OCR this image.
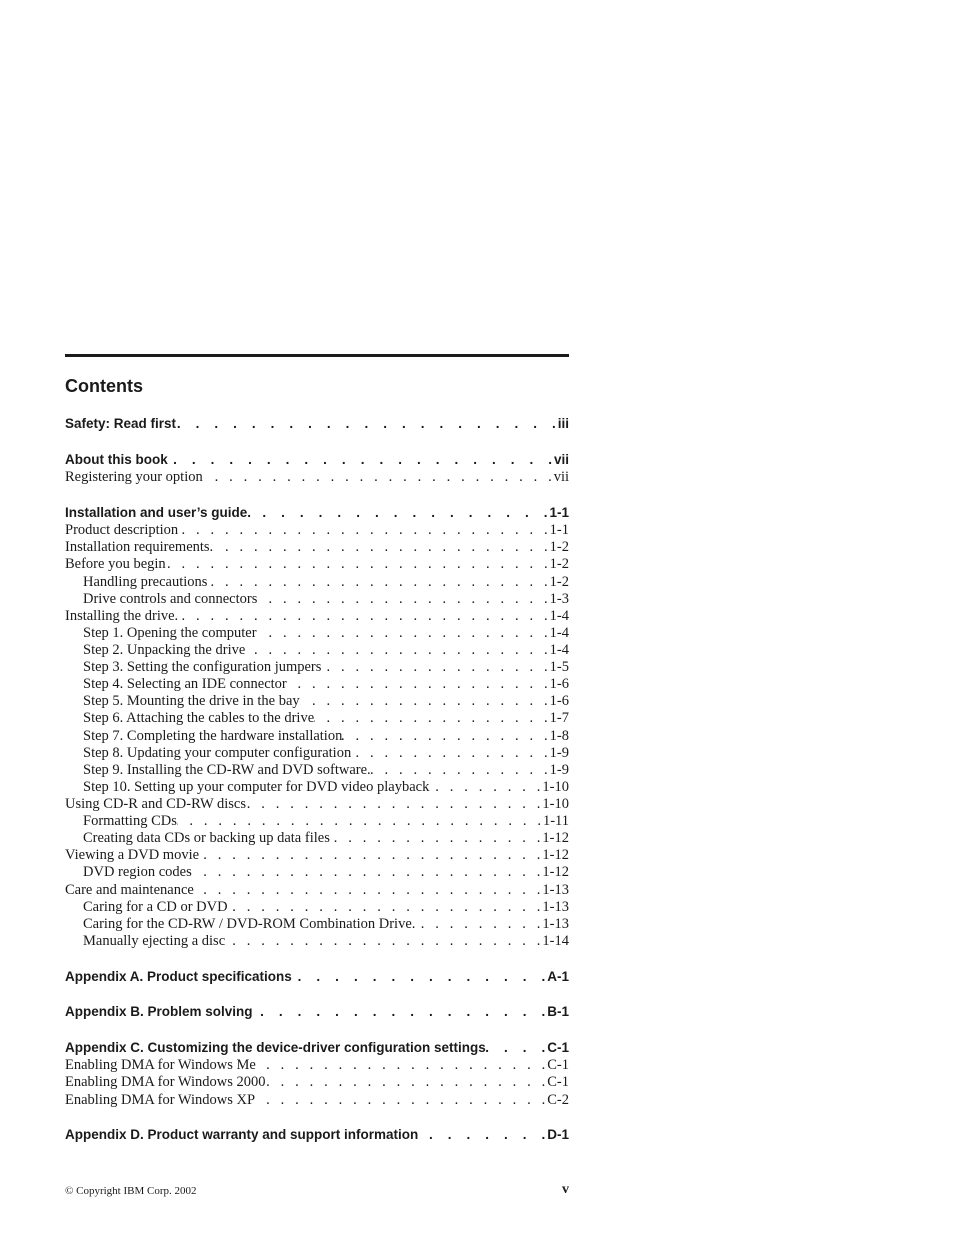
Contents
Safety: Read first .	iii
About this book .	vii
Registering your option .   .	vii
Installation and user’s guide. .	1-1
Product description .   .	1-1
Installation requirements. .   .	1-2
Before you begin .   .	1-2
Handling precautions .   .	1-2
Drive controls and connectors .   .	1-3
Installing the drive. .   .	1-4
Step 1. Opening the computer .   .	1-4
Step 2. Unpacking the drive .   .	1-4
Step 3. Setting the configuration jumpers .   .	1-5
Step 4. Selecting an IDE connector .   .	1-6
Step 5. Mounting the drive in the bay .   .	1-6
Step 6. Attaching the cables to the drive .   .	1-7
Step 7. Completing the hardware installation .   .	1-8
Step 8. Updating your computer configuration .   .	1-9
Step 9. Installing the CD-RW and DVD software. .   .	1-9
Step 10. Setting up your computer for DVD video playback .   .	1-10
Using CD-R and CD-RW discs .   .	1-10
Formatting CDs .   .	1-11
Creating data CDs or backing up data files .   .	1-12
Viewing a DVD movie .   .	1-12
DVD region codes .   .	1-12
Care and maintenance .   .	1-13
Caring for a CD or DVD .   .	1-13
Caring for the CD-RW / DVD-ROM Combination Drive. .   .	1-13
Manually ejecting a disc .   .	1-14
Appendix A. Product specifications .	A-1
Appendix B. Problem solving .	B-1
Appendix C. Customizing the device-driver configuration settings .	C-1
Enabling DMA for Windows Me .   .	C-1
Enabling DMA for Windows 2000 .   .	C-1
Enabling DMA for Windows XP .   .	C-2
Appendix D. Product warranty and support information .	D-1
© Copyright IBM Corp. 2002	v
